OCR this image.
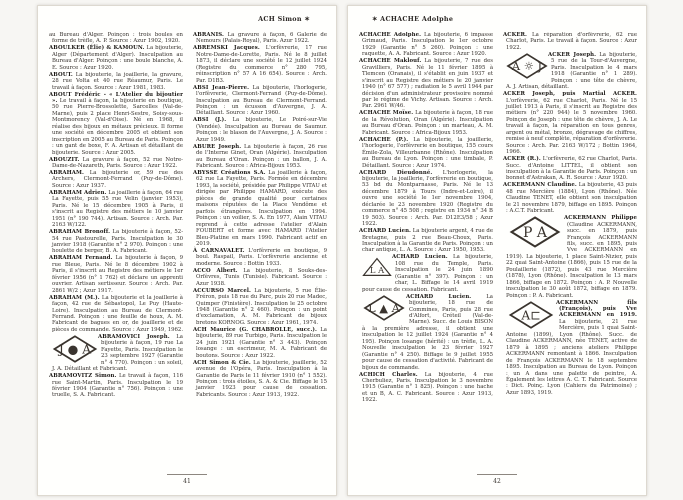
ACH Simon ✶

au Bureau d'Alger. Poinçon : trois boules en forme de trèfle, A. P. Source : Azur 1902, 1920.

ABOULKER (Élie) & KAMOUN. La bijouterie, Alger (Département d'Alger). Insculpation au Bureau d'Alger. Poinçon : une boule blanche, A. E. Source : Azur 1920.

ABOUT. La bijouterie, la joaillerie, la gravure, 28 rue Volta et 40 rue Réaumur, Paris. Le travail à façon. Source : Azur 1981, 1983.

ABOUT Frédéric - « L'Atelier du bijoutier ». Le travail à façon, la bijouterie en boutique, 50 rue Pierre-Brossolette, Sarcelles (Val-de-Marne), puis 2 place Henri-Sestre, Soisy-sous-Montmorency (Val-d'Oise). Né en 1968, il réalise des bijoux en métaux précieux. Il forme une société en décembre 2005 et obtient son inscription en 2005 au Bureau de Paris. Poinçon : un gant de boxe, F. A. Artisan et détaillant de bijouterie. Source : Azur 2005.

ABOUZIT. La gravure à façon, 52 rue Notre-Dame-de-Nazareth, Paris. Source : Azur 1922.

ABRAHAM. La bijouterie or, 59 rue des Archers, Clermont-Ferrand (Puy-de-Dôme). Source : Azur 1937.

ABRAHAM Adrien. La joaillerie à façon, 64 rue La Fayette, puis 55 rue Velin (janvier 1953), Paris. Né le 15 décembre 1905 à Paris, il s'inscrit au Registre des métiers le 10 janvier 1951 (n° 190 744). Artisan. Source : Arch. Par. 2163 W/122.

ABRAHAM Bronoff. La bijouterie à façon, 52-54 rue Pastourelle, Paris. Insculpation le 30 janvier 1918 (Garantie n° 2 970). Poinçon : une houlette de berger, B. A. Fabricant.

ABRAHAM Fernand. La bijouterie à façon, 9 rue Bleue, Paris. Né le 8 décembre 1902 à Paris, il s'inscrit au Registre des métiers le 1er février 1956 (n° 1 762) et déclare un apprenti ouvrier. Artisan sertisseur. Source : Arch. Par. 2861 W/2 ; Azur 1917.

ABRAHAM (M.). La bijouterie et la joaillerie à façon, 42 rue de Sébastopol, Le Puy (Haute-Loire). Insculpation au Bureau de Clermont-Ferrand. Poinçon : une feuille de houx, A. M. Fabricant de bagues en or, de joaillerie et de pièces de commande. Source : Azur 1949, 1962.

J ● A
ABRAMOVICI Joseph. La bijouterie à façon, 19 rue La Fayette, Paris. Insculpation le 23 septembre 1927 (Garantie n° 4 770). Poinçon : un soleil, J. A. Détaillant et Fabricant.

ABRAMOVITZ Simon. Le travail à façon, 116 rue Saint-Martin, Paris. Insculpation le 19 février 1904 (Garantie n° 756). Poinçon : une truelle, S. A. Fabricant.

ABRANIS. La gravure à façon, 6 Galerie de Nemours (Palais-Royal), Paris. Azur 1922.

ABREMSKI Jacques. L'orfèvrerie, 17 rue Notre-Dame-de-Lorette, Paris. Né le 8 juillet 1873, il déclare une société le 12 juillet 1924 (Registre du commerce n° 280 795, réinscription n° 57 A 16 654). Source : Arch. Par. D1B3.

ABSI Jean-Pierre. La bijouterie, l'horlogerie, l'orfèvrerie, Clermont-Ferrand (Puy-de-Dôme). Insculpation au Bureau de Clermont-Ferrand. Poinçon : un écusson d'Auvergne, J. A. Détaillant. Source : Azur 1960.

ABSI (J.). La bijouterie, Le Poiré-sur-Vie (Vendée). Insculpation au Bureau de Saumur. Poinçon : le blason de l'Auvergne, J. A. Source : Azur 1949.

ABURE Joseph. La bijouterie à façon, 26 rue de l'Interne Ginet, Oran (Algérie). Insculpation au Bureau d'Oran. Poinçon : un ballon, J. A. Fabricant. Source : Africa-Bijoux 1953.

ABYSSE Créations S.A. La joaillerie à façon, 62 rue La Fayette, Paris. Formée en décembre 1993, la société, présidée par Philippe VITAU et dirigée par Philippe HAMARD, exécute des pièces de grande qualité pour certaines maisons réputées de la Place Vendôme et parfois étrangères. Insculpation en 1994. Poinçon : un voilier, S. A. En 1977, Alain VITAU reprend à cette adresse l'atelier d'Alain FOUBERT et forme avec HAMARD l'Atelier Bleu-Platine en mars 1990. Fabricant actif en 2019.

À CARNAVALET. L'orfèvrerie en boutique, 9 boul. Raspail, Paris. L'orfèvrerie ancienne et moderne. Source : Bottin 1933.

ACCO Albert. La bijouterie, 8 Souks-des-Orfèvres, Tunis (Tunisie). Fabricant. Source : Azur 1938.

ACCURSO Marcel. La bijouterie, 5 rue Élie-Fréron, puis 18 rue du Parc, puis 20 rue Madec, Quimper (Finistère). Insculpation le 25 octobre 1948 (Garantie n° 2 460). Poinçon : un point d'exclamation, A. M. Fabricant de bijoux bretons KORNOG. Source : Azur 1961, 1974.

ACH Maurice (G. CHABROLLE, succ.). La bijouterie, 89 rue Turbigo, Paris. Insculpation le 24 juin 1921 (Garantie n° 3 443). Poinçon losange : un escrimeur, M. A. Fabricant de boutons. Source : Azur 1922.

ACH Simon & Cie. La bijouterie, joaillerie, 52 avenue de l'Opéra, Paris. Insculpation à la Garantie de Paris le 11 février 1910 (n° 1 552). Poinçon : trois étoiles, S. A. & Cie. Biffage le 15 janvier 1923 pour cause de cessation. Fabricants. Source : Azur 1913, 1922.

41
✶ ACHACHE Adolphe

ACHACHE Adolphe. La bijouterie, 6 impasse Grimaud, Paris. Insculpation le 1er octobre 1929 (Garantie n° 5 260). Poinçon : une raquette, A. A. Fabricant. Source : Azur 1920.

ACHACHE Maklouf. La bijouterie, 7 rue des Gravilliers, Paris. Né le 11 février 1895 à Tlemcen (Oranais), il s'établit en juin 1937 et s'inscrit au Registre des métiers le 20 janvier 1940 (n° 67 577) ; radiation le 5 avril 1944 par décision d'un administrateur provisoire nommé par le régime de Vichy. Artisan. Source : Arch. Par. 2961 W/46.

ACHACHE Moïse. La bijouterie à façon, 18 rue de la Révolution, Oran (Algérie). Insculpation au Bureau d'Oran. Poinçon : un marteau, A. M. Fabricant. Source : Africa-Bijoux 1953.

ACHACHE (P.). La bijouterie, la joaillerie, l'horlogerie, l'orfèvrerie en boutique, 155 cours Émile-Zola, Villeurbanne (Rhône). Insculpation au Bureau de Lyon. Poinçon : une timbale, P. Détaillant. Source : Azur 1974.

ACHARD Dieudonné. L'horlogerie, la bijouterie, la joaillerie, l'orfèvrerie en boutique, 53 bd du Montparnasse, Paris. Né le 13 décembre 1879 à Tours (Indre-et-Loire), il ouvre une société le 1er novembre 1904, déclarée le 23 novembre 1920 (Registre du commerce n° 45 508 ; registre en 1934 n° 34 B 19 503). Source : Arch. Par. D12E3/58 ; Azur 1922.

ACHARD Lucien. La bijouterie argent, 4 rue de Bretagne, puis 2 rue Beau-Choux, Paris. Insculpation à la Garantie de Paris. Poinçon : un char antique, L. A. Source : Azur 1950, 1953.

L A
ACHARD Lucien. La bijouterie, 108 rue du Temple, Paris. Insculpation le 24 juin 1890 (Garantie n° 397). Poinçon : un char, L. Biffage le 14 avril 1919 pour cause de cessation. Fabricant.

L ▲ A
ACHARD Lucien.	La bijouterie, 18 rue de Commines, Paris, puis 28 rue d'Alfort, Créteil (Val-de-Marne). Succ. de Louis BISON à la première adresse, il obtient une insculpation le 12 juillet 1924 (Garantie n° 4 195). Poinçon losange (hérité) : un trèfle, L. A. Nouvelle insculpation le 23 février 1927 (Garantie n° 4 250). Biffage le 9 juillet 1955 pour cause de cessation d'activité. Fabricant de bijoux de commande.

ACHICH Charles. La bijouterie, 4 rue Cherbuliez, Paris. Insculpation le 3 novembre 1915 (Garantie n° 1 825). Poinçon : une hache et un B, A. C. Fabricant. Source : Azur 1913, 1922.

ACKER. La réparation d'orfèvrerie, 62 rue Charlot, Paris. Le travail à façon. Source : Azur 1922.

A ☼ J
ACKER Joseph. La bijouterie, 5 rue de la Tour-d'Auvergne, Paris. Insculpation le 4 mars 1918 (Garantie n° 1 289). Poinçon : une tête de chèvre, A. J. Artisan, détaillant.

ACKER Joseph, puis Martial ACKER. L'orfèvrerie, 62 rue Charlot, Paris. Né le 15 juillet 1913 à Paris, il s'inscrit au Registre des métiers (n° 220 944) le 5 novembre 1960. Poinçon de Joseph : une tête de chèvre, J. A. Le travail à façon, la réparation en tous genres, argent ou métal, bronze, dégravage de chiffres, remise à neuf complète, réparation d'orfèvrerie. Source : Arch. Par. 2163 W/172 ; Bottin 1964, 1966.

ACKER (R.). L'orfèvrerie, 62 rue Charlot, Paris. Succ. d'Antoine LITTEL, il obtient son insculpation à la Garantie de Paris. Poinçon : un bonnet d'Astrakan, A. R. Source : Azur 1920.

ACKERMANN Claudine. La bijouterie, 43 puis 48 rue Mercière (1884), Lyon (Rhône). Née Claudine TENET, elle obtient son insculpation le 21 novembre 1879, biffage en 1895. Poinçon : A.C.T. Fabricant.

P A
ACKERMANN Philippe (Claudine ACKERMANN, succ. en 1879, puis François ACKERMANN fils, succ. en 1895, puis Vve ACKERMANN en 1919). La bijouterie, 1 place Saint-Nizier, puis 22 quai Saint-Antoine (1866), puis 15 rue de la Poulaillerie (1872), puis 43 rue Mercière (1878), Lyon (Rhône). Insculpation le 13 mars 1866, biffage en 1872. Poinçon : A. P. Nouvelle insculpation le 30 août 1872, biffage en 1879. Poinçon : P. A. Fabricant.

A⊏
ACKERMANN fils (François), puis Vve ACKERMANN en 1919. La bijouterie, 21 rue Mercière, puis 1 quai Saint-Antoine (1899), Lyon (Rhône). Succ. de Claudine ACKERMANN, née TENET, active de 1879 à 1895 ; anciens ateliers Philippe ACKERMANN remontant à 1866. Insculpation de François ACKERMANN le 18 septembre 1895. Insculpation au Bureau de Lyon. Poinçon : un A dans une palette de peintre, A. Également les lettres A. C. T. Fabricant. Source : Dict. Poinç. Lyon (Cahiers du Patrimoine) ; Azur 1893, 1919.

42
